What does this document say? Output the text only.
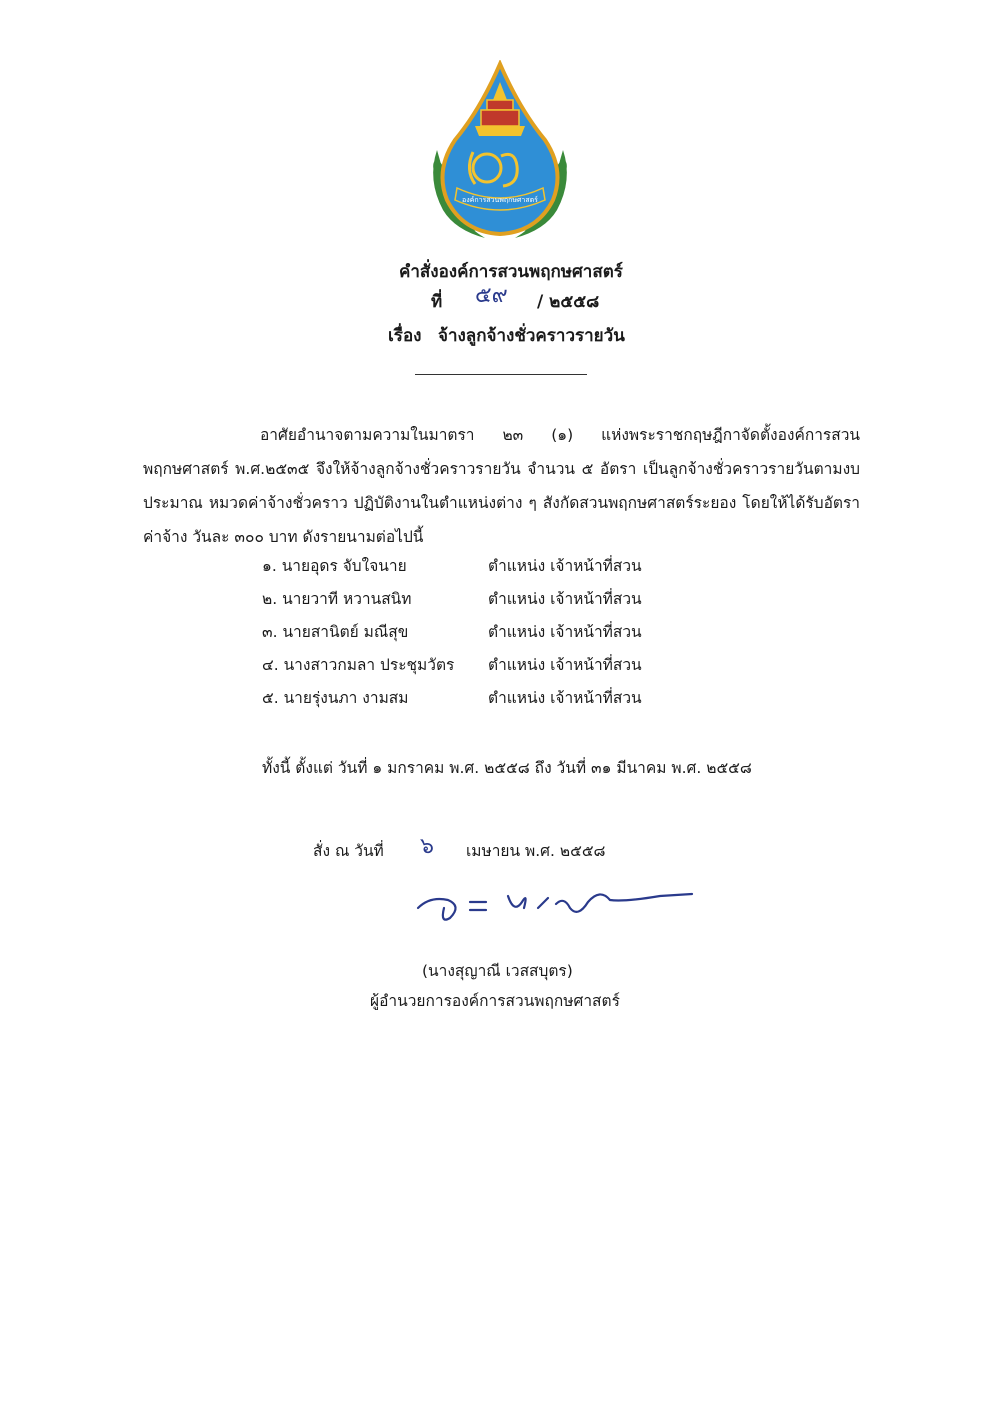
องค์การสวนพฤกษศาสตร์
คำสั่งองค์การสวนพฤกษศาสตร์
ที่ ๕๙ / ๒๕๕๘
เรื่อง จ้างลูกจ้างชั่วคราวรายวัน
อาศัยอำนาจตามความในมาตรา ๒๓ (๑) แห่งพระราชกฤษฎีกาจัดตั้งองค์การสวนพฤกษศาสตร์ พ.ศ.๒๕๓๕ จึงให้จ้างลูกจ้างชั่วคราวรายวัน จำนวน ๕ อัตรา เป็นลูกจ้างชั่วคราวรายวันตามงบประมาณ หมวดค่าจ้างชั่วคราว ปฏิบัติงานในตำแหน่งต่าง ๆ สังกัดสวนพฤกษศาสตร์ระยอง โดยให้ได้รับอัตราค่าจ้าง วันละ ๓๐๐ บาท ดังรายนามต่อไปนี้
๑. นายอุดร จับใจนาย	ตำแหน่ง เจ้าหน้าที่สวน
๒. นายวาที หวานสนิท	ตำแหน่ง เจ้าหน้าที่สวน
๓. นายสานิตย์ มณีสุข	ตำแหน่ง เจ้าหน้าที่สวน
๔. นางสาวกมลา ประชุมวัตร ตำแหน่ง เจ้าหน้าที่สวน
๕. นายรุ่งนภา งามสม	ตำแหน่ง เจ้าหน้าที่สวน
ทั้งนี้ ตั้งแต่ วันที่ ๑ มกราคม พ.ศ. ๒๕๕๘ ถึง วันที่ ๓๑ มีนาคม พ.ศ. ๒๕๕๘
สั่ง ณ วันที่ ๖ เมษายน พ.ศ. ๒๕๕๘
(นางสุญาณี เวสสบุตร)
ผู้อำนวยการองค์การสวนพฤกษศาสตร์
